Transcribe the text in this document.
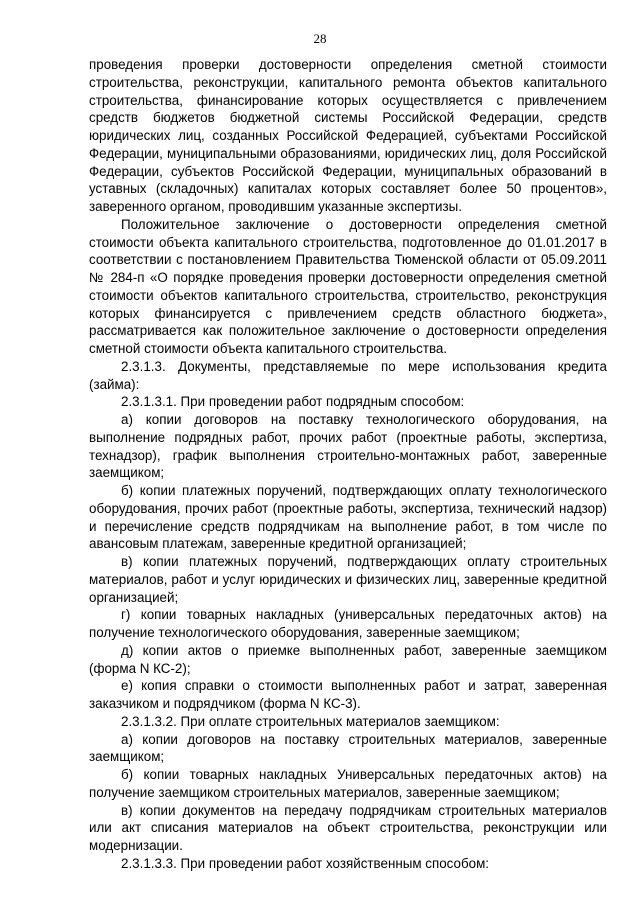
28

проведения проверки достоверности определения сметной стоимости строительства, реконструкции, капитального ремонта объектов капитального строительства, финансирование которых осуществляется с привлечением средств бюджетов бюджетной системы Российской Федерации, средств юридических лиц, созданных Российской Федерацией, субъектами Российской Федерации, муниципальными образованиями, юридических лиц, доля Российской Федерации, субъектов Российской Федерации, муниципальных образований в уставных (складочных) капиталах которых составляет более 50 процентов», заверенного органом, проводившим указанные экспертизы.

Положительное заключение о достоверности определения сметной стоимости объекта капитального строительства, подготовленное до 01.01.2017 в соответствии с постановлением Правительства Тюменской области от 05.09.2011 № 284-п «О порядке проведения проверки достоверности определения сметной стоимости объектов капитального строительства, строительство, реконструкция которых финансируется с привлечением средств областного бюджета», рассматривается как положительное заключение о достоверности определения сметной стоимости объекта капитального строительства.

2.3.1.3. Документы, представляемые по мере использования кредита (займа):

2.3.1.3.1. При проведении работ подрядным способом:

а) копии договоров на поставку технологического оборудования, на выполнение подрядных работ, прочих работ (проектные работы, экспертиза, технадзор), график выполнения строительно-монтажных работ, заверенные заемщиком;

б) копии платежных поручений, подтверждающих оплату технологического оборудования, прочих работ (проектные работы, экспертиза, технический надзор) и перечисление средств подрядчикам на выполнение работ, в том числе по авансовым платежам, заверенные кредитной организацией;

в) копии платежных поручений, подтверждающих оплату строительных материалов, работ и услуг юридических и физических лиц, заверенные кредитной организацией;

г) копии товарных накладных (универсальных передаточных актов) на получение технологического оборудования, заверенные заемщиком;

д) копии актов о приемке выполненных работ, заверенные заемщиком (форма N КС-2);

е) копия справки о стоимости выполненных работ и затрат, заверенная заказчиком и подрядчиком (форма N КС-3).

2.3.1.3.2. При оплате строительных материалов заемщиком:

а) копии договоров на поставку строительных материалов, заверенные заемщиком;

б) копии товарных накладных Универсальных передаточных актов) на получение заемщиком строительных материалов, заверенные заемщиком;

в) копии документов на передачу подрядчикам строительных материалов или акт списания материалов на объект строительства, реконструкции или модернизации.

2.3.1.3.3. При проведении работ хозяйственным способом:
